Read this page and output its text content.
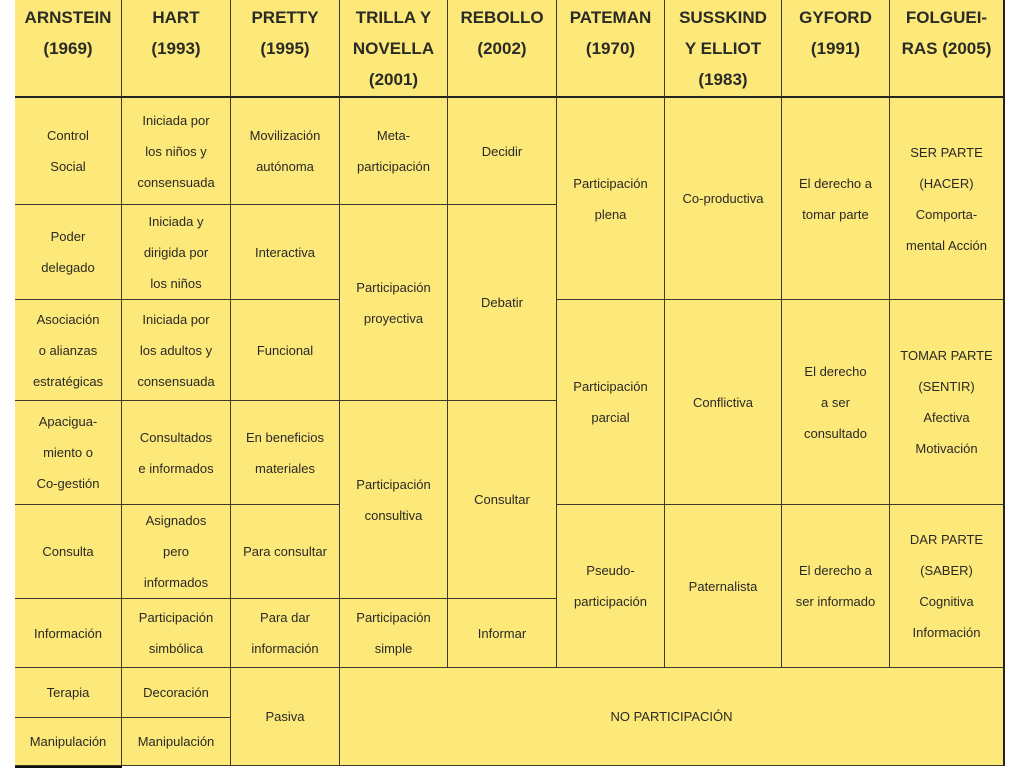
ARNSTEIN
(1969)
HART
(1993)
PRETTY
(1995)
TRILLA Y
NOVELLA
(2001)
REBOLLO
(2002)
PATEMAN
(1970)
SUSSKIND
Y ELLIOT
(1983)
GYFORD
(1991)
FOLGUEI-
RAS (2005)
Control
Social
Poder
delegado
Asociación
o alianzas
estratégicas
Apacigua-
miento o
Co-gestión
Consulta
Información
Terapia
Manipulación
Iniciada por
los niños y
consensuada
Iniciada y
dirigida por
los niños
Iniciada por
los adultos y
consensuada
Consultados
e informados
Asignados
pero
informados
Participación
simbólica
Decoración
Manipulación
Movilización
autónoma
Interactiva
Funcional
En beneficios
materiales
Para consultar
Para dar
información
Pasiva
Meta-
participación
Participación
proyectiva
Participación
consultiva
Participación
simple
Decidir
Debatir
Consultar
Informar
Participación
plena
Participación
parcial
Pseudo-
participación
Co-productiva
Conflictiva
Paternalista
El derecho a
tomar parte
El derecho
a ser
consultado
El derecho a
ser informado
SER PARTE
(HACER)
Comporta-
mental Acción
TOMAR PARTE
(SENTIR)
Afectiva
Motivación
DAR PARTE
(SABER)
Cognitiva
Información
NO PARTICIPACIÓN
